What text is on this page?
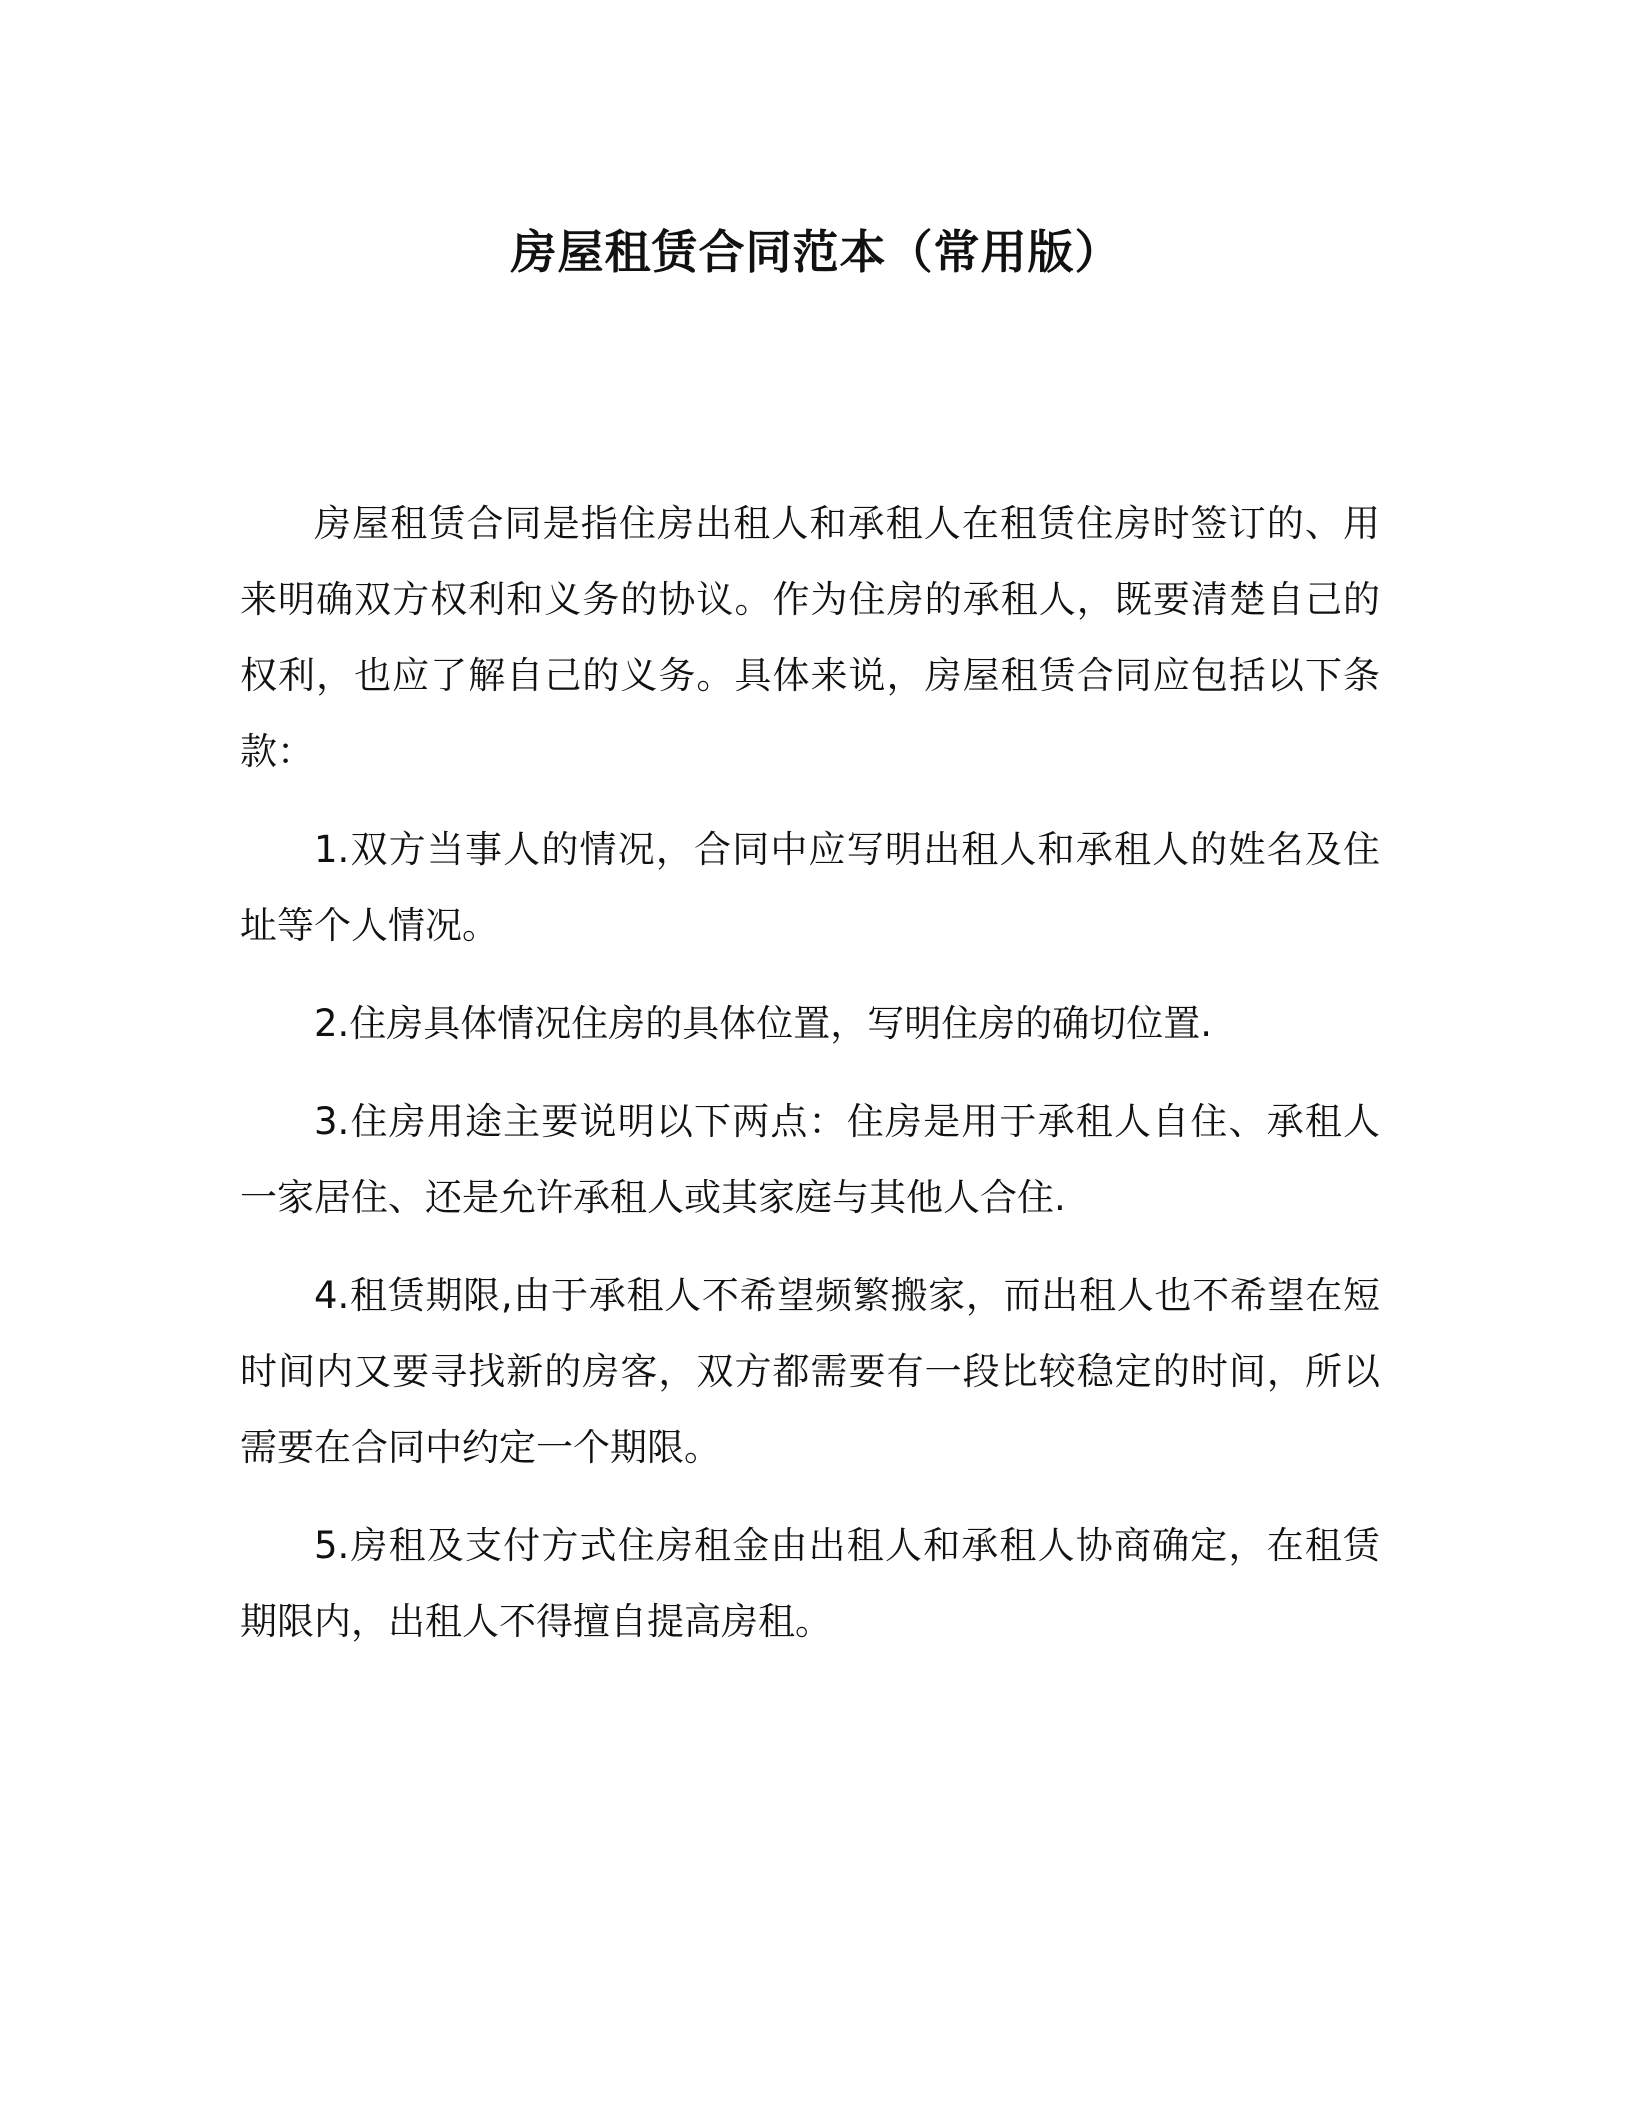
房屋租赁合同范本（常用版）

房屋租赁合同是指住房出租人和承租人在租赁住房时签订的、用来明确双方权利和义务的协议。作为住房的承租人，既要清楚自己的权利，也应了解自己的义务。具体来说，房屋租赁合同应包括以下条款：

1.双方当事人的情况，合同中应写明出租人和承租人的姓名及住址等个人情况。

2.住房具体情况住房的具体位置，写明住房的确切位置.

3.住房用途主要说明以下两点：住房是用于承租人自住、承租人一家居住、还是允许承租人或其家庭与其他人合住.

4.租赁期限,由于承租人不希望频繁搬家，而出租人也不希望在短时间内又要寻找新的房客，双方都需要有一段比较稳定的时间，所以需要在合同中约定一个期限。

5.房租及支付方式住房租金由出租人和承租人协商确定，在租赁期限内，出租人不得擅自提高房租。
